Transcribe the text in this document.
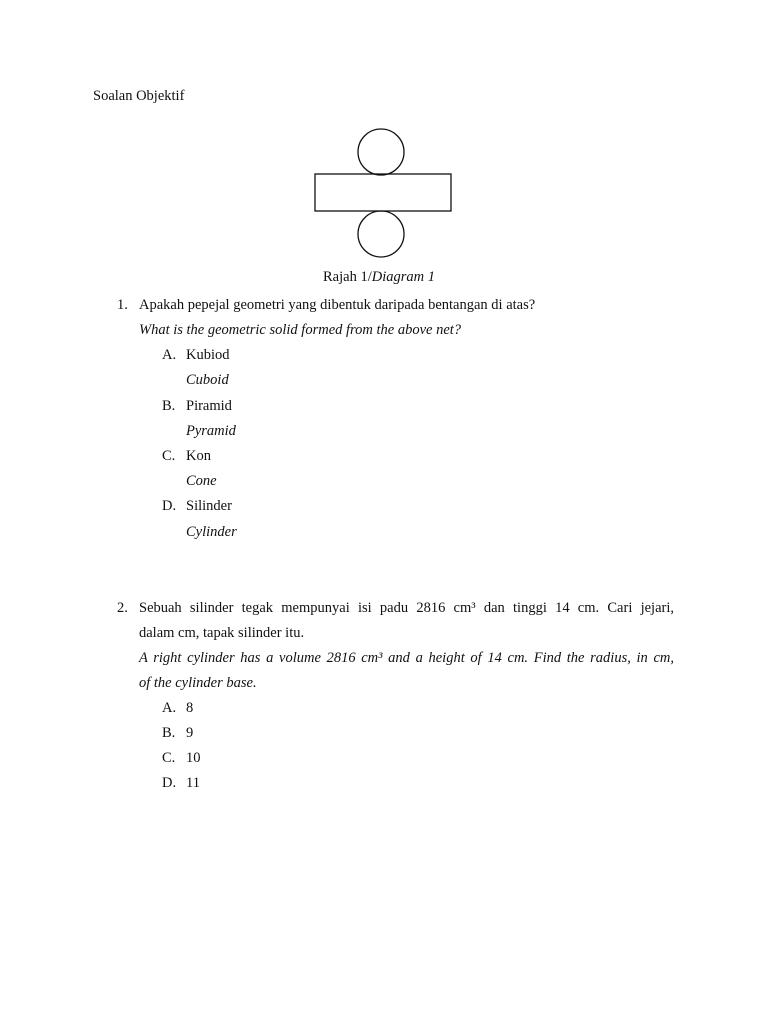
Soalan Objektif
Rajah 1/Diagram 1
1. Apakah pepejal geometri yang dibentuk daripada bentangan di atas?
What is the geometric solid formed from the above net?
A. Kubiod
Cuboid
B. Piramid
Pyramid
C. Kon
Cone
D. Silinder
Cylinder
2. Sebuah silinder tegak mempunyai isi padu 2816 cm³ dan tinggi 14 cm. Cari jejari,
dalam cm, tapak silinder itu.
A right cylinder has a volume 2816 cm³ and a height of 14 cm. Find the radius, in cm,
of the cylinder base.
A. 8
B. 9
C. 10
D. 11
